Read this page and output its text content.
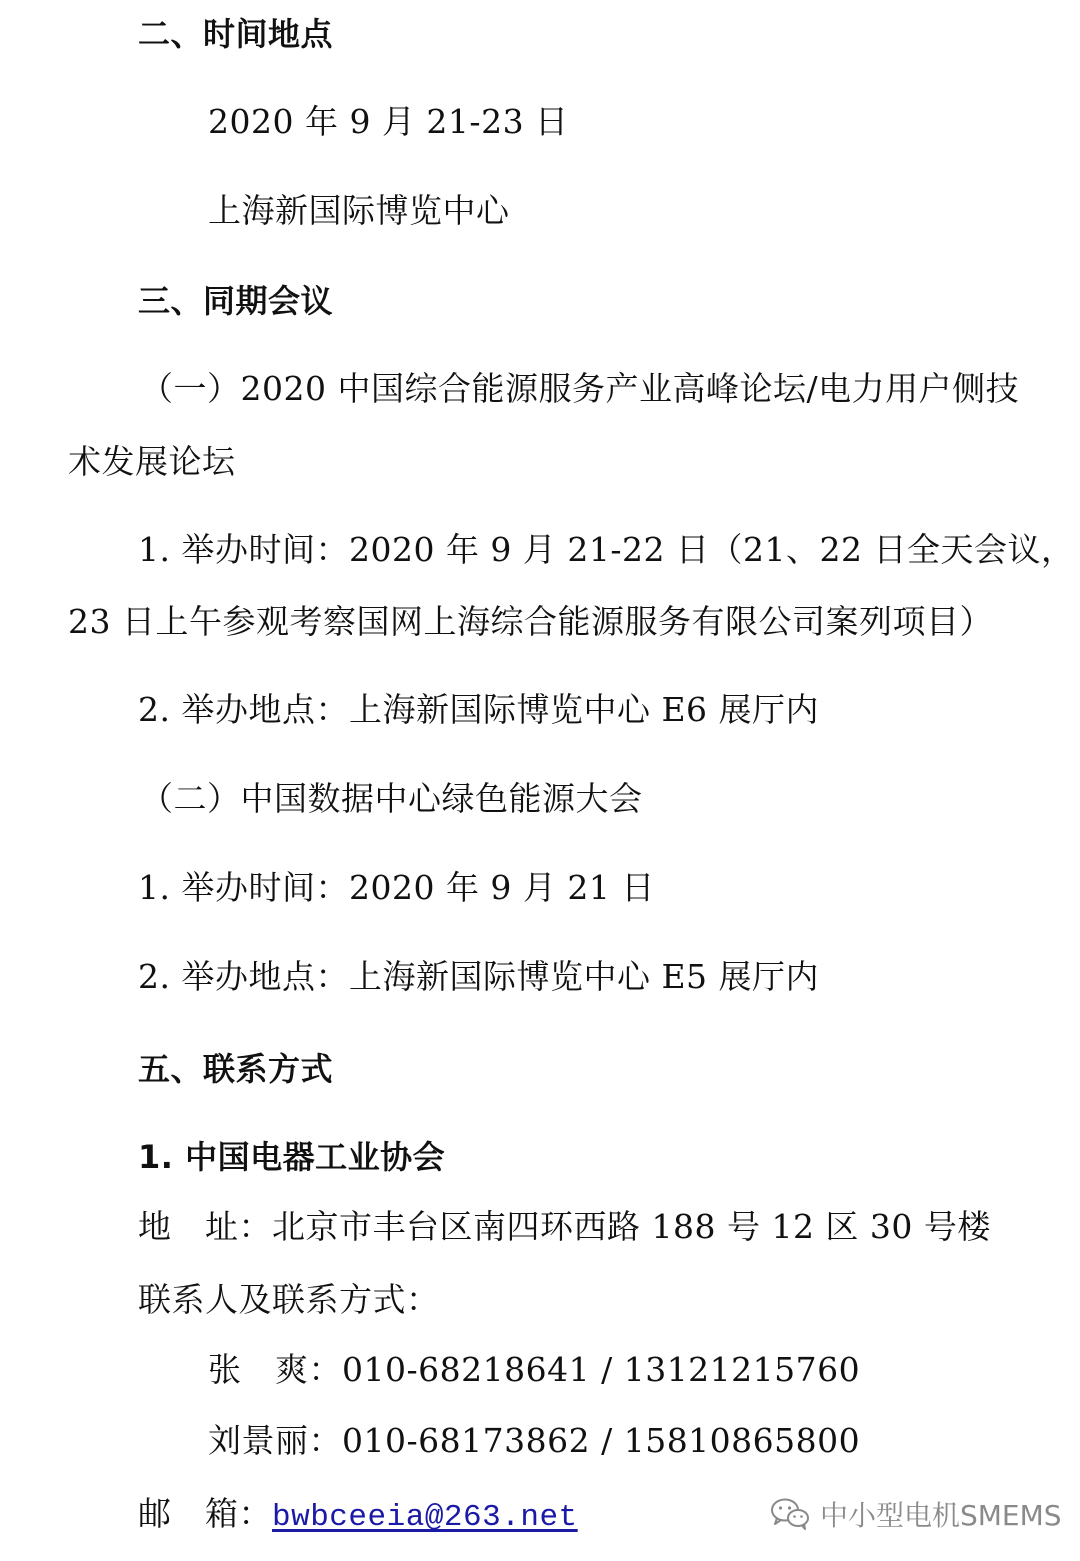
二、时间地点
2020 年 9 月 21-23 日
上海新国际博览中心
三、同期会议
（一）2020 中国综合能源服务产业高峰论坛/电力用户侧技
术发展论坛
1. 举办时间：2020 年 9 月 21-22 日（21、22 日全天会议，
23 日上午参观考察国网上海综合能源服务有限公司案列项目）
2. 举办地点：上海新国际博览中心 E6 展厅内
（二）中国数据中心绿色能源大会
1. 举办时间：2020 年 9 月 21 日
2. 举办地点：上海新国际博览中心 E5 展厅内
五、联系方式
1. 中国电器工业协会
地　址：北京市丰台区南四环西路 188 号 12 区 30 号楼
联系人及联系方式：
张　爽：010-68218641 / 13121215760
刘景丽：010-68173862 / 15810865800
邮　箱：bwbceeia@263.net	中小型电机SMEMS
